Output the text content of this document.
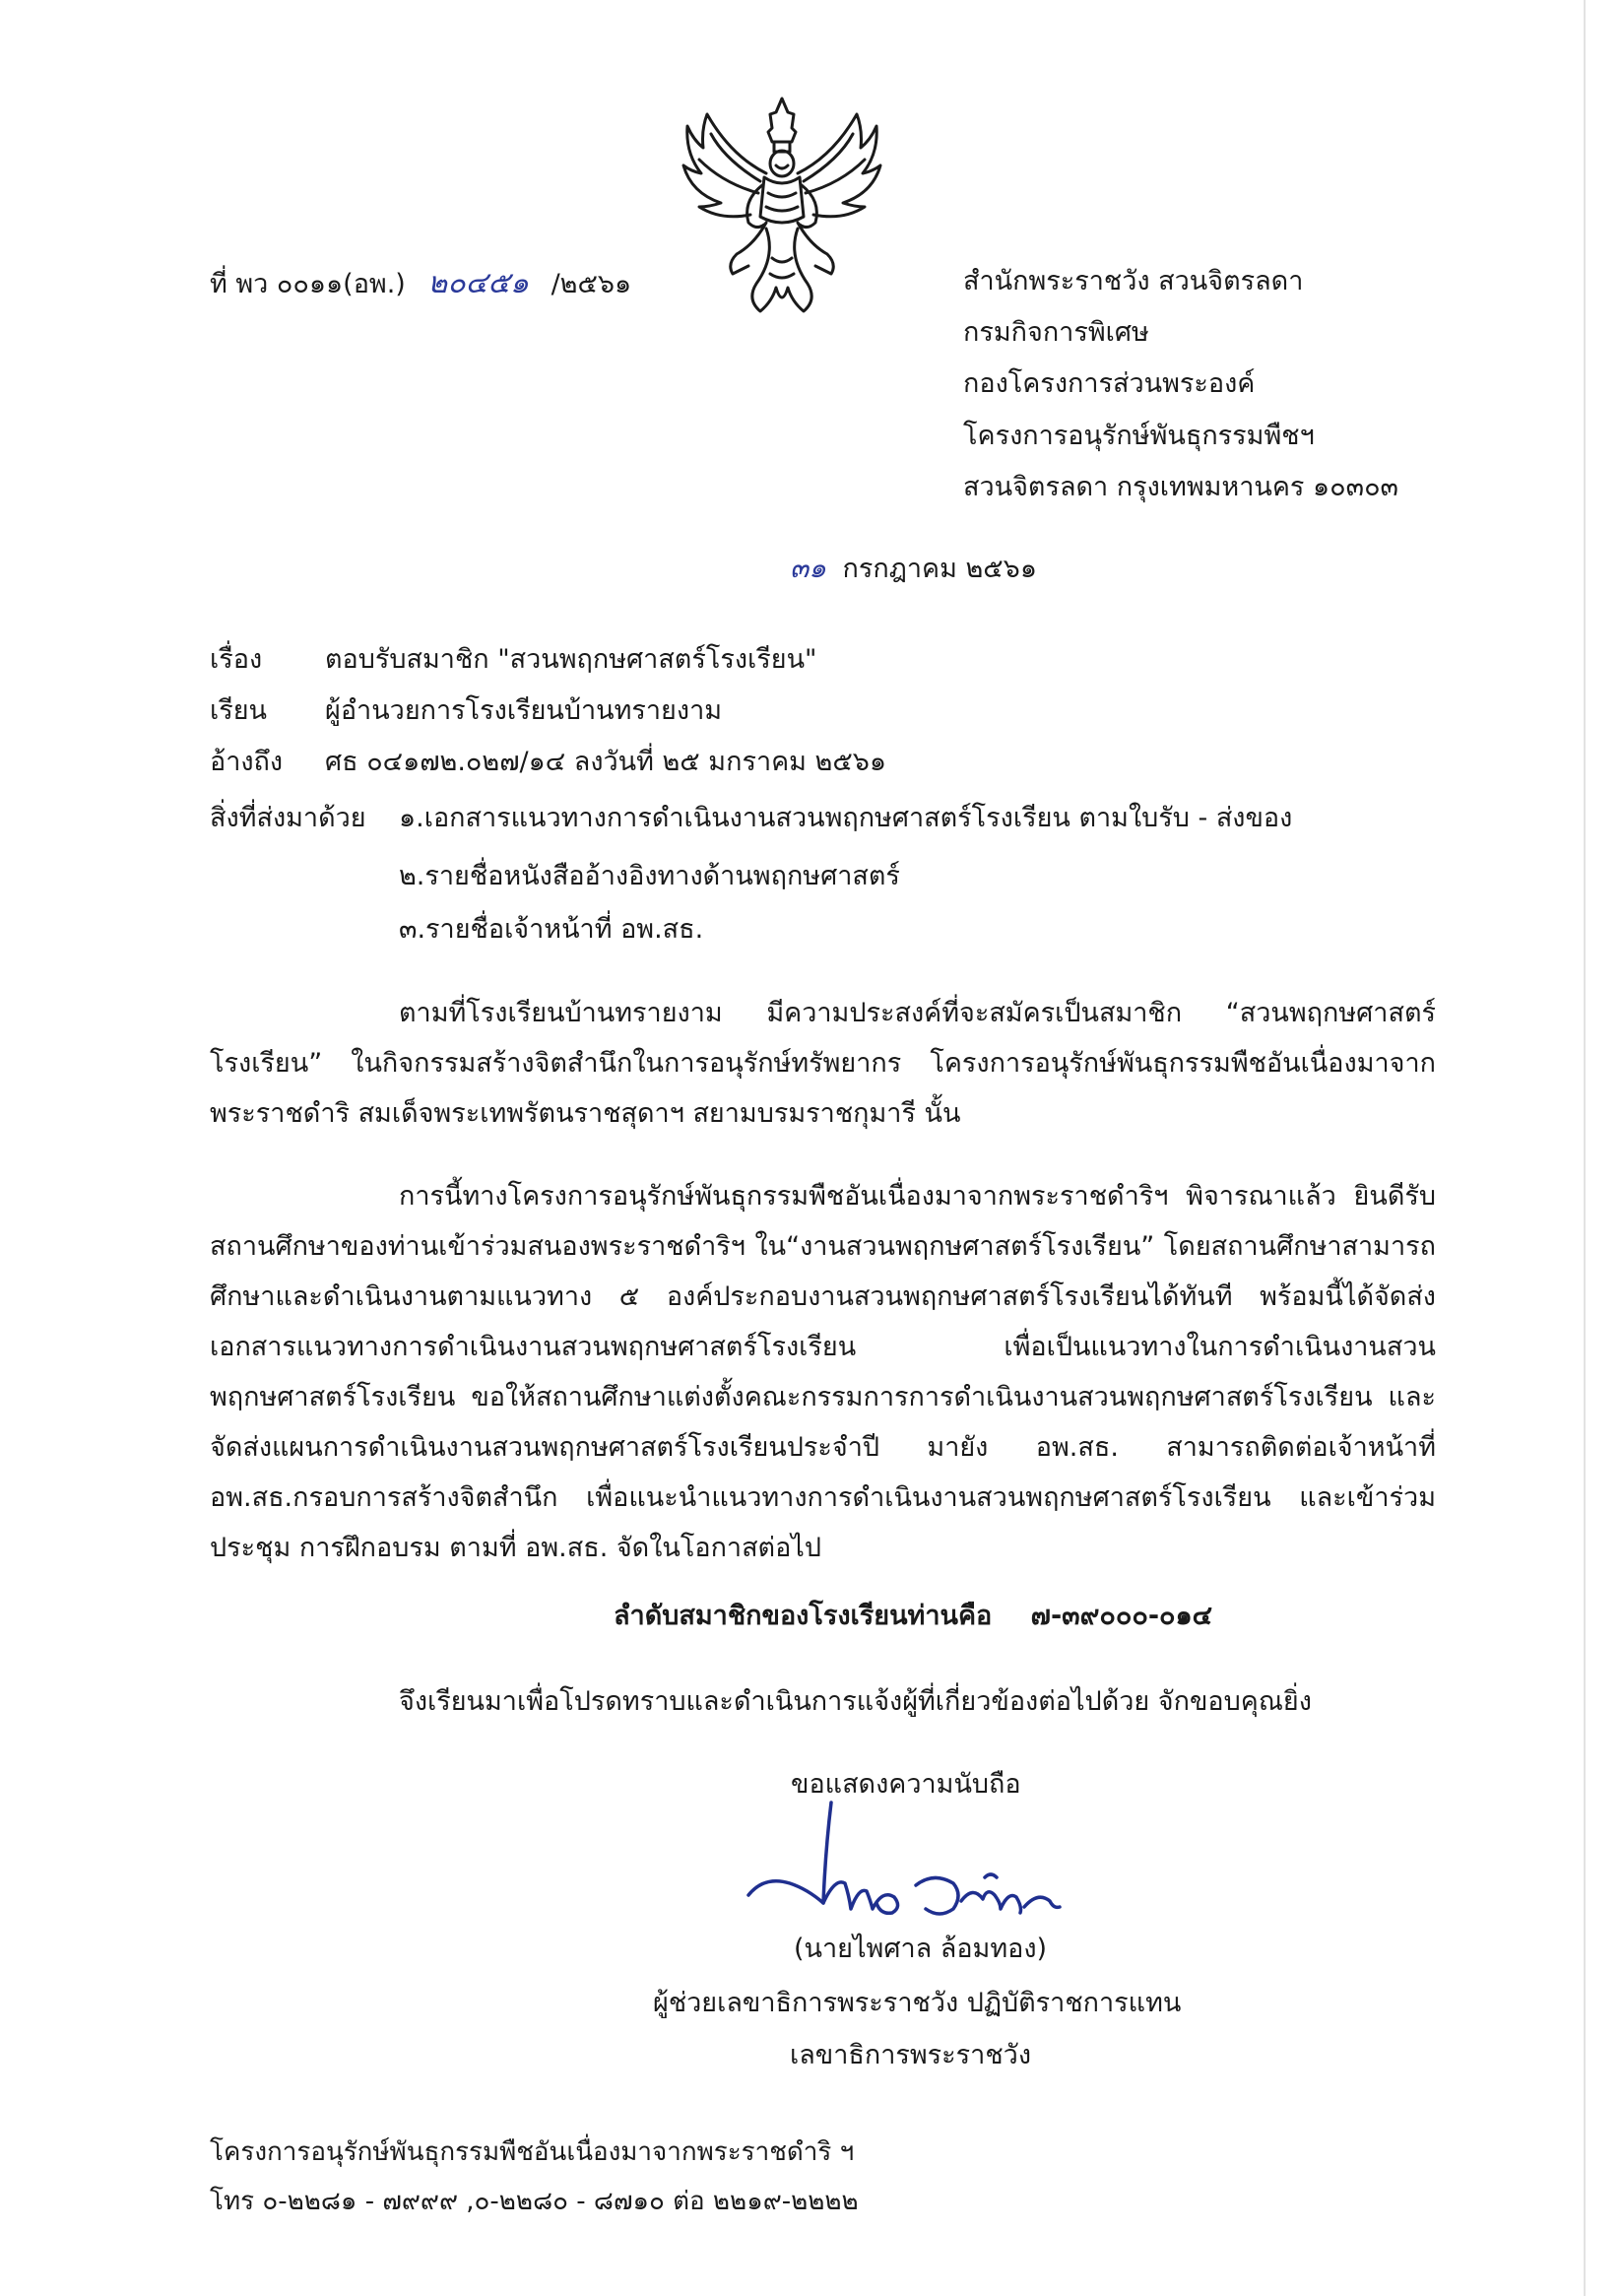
ที่ พว ๐๐๑๑(อพ.) ๒๐๔๕๑ /๒๕๖๑	สำนักพระราชวัง สวนจิตรลดา
กรมกิจการพิเศษ
กองโครงการส่วนพระองค์
โครงการอนุรักษ์พันธุกรรมพืชฯ
สวนจิตรลดา กรุงเทพมหานคร ๑๐๓๐๓
๓๑ กรกฎาคม ๒๕๖๑
เรื่อง ตอบรับสมาชิก "สวนพฤกษศาสตร์โรงเรียน"
เรียน ผู้อำนวยการโรงเรียนบ้านทรายงาม
อ้างถึง ศธ ๐๔๑๗๒.๐๒๗/๑๔ ลงวันที่ ๒๕ มกราคม ๒๕๖๑
สิ่งที่ส่งมาด้วย ๑.เอกสารแนวทางการดำเนินงานสวนพฤกษศาสตร์โรงเรียน ตามใบรับ - ส่งของ
๒.รายชื่อหนังสืออ้างอิงทางด้านพฤกษศาสตร์
๓.รายชื่อเจ้าหน้าที่ อพ.สธ.
ตามที่โรงเรียนบ้านทรายงาม มีความประสงค์ที่จะสมัครเป็นสมาชิก “สวนพฤกษศาสตร์โรงเรียน” ในกิจกรรมสร้างจิตสำนึกในการอนุรักษ์ทรัพยากร โครงการอนุรักษ์พันธุกรรมพืชอันเนื่องมาจากพระราชดำริ สมเด็จพระเทพรัตนราชสุดาฯ สยามบรมราชกุมารี นั้น
การนี้ทางโครงการอนุรักษ์พันธุกรรมพืชอันเนื่องมาจากพระราชดำริฯ พิจารณาแล้ว ยินดีรับสถานศึกษาของท่านเข้าร่วมสนองพระราชดำริฯ ใน“งานสวนพฤกษศาสตร์โรงเรียน” โดยสถานศึกษาสามารถศึกษาและดำเนินงานตามแนวทาง ๕ องค์ประกอบงานสวนพฤกษศาสตร์โรงเรียนได้ทันที พร้อมนี้ได้จัดส่งเอกสารแนวทางการดำเนินงานสวนพฤกษศาสตร์โรงเรียน เพื่อเป็นแนวทางในการดำเนินงานสวนพฤกษศาสตร์โรงเรียน ขอให้สถานศึกษาแต่งตั้งคณะกรรมการการดำเนินงานสวนพฤกษศาสตร์โรงเรียน และจัดส่งแผนการดำเนินงานสวนพฤกษศาสตร์โรงเรียนประจำปี มายัง อพ.สธ. สามารถติดต่อเจ้าหน้าที่ อพ.สธ.กรอบการสร้างจิตสำนึก เพื่อแนะนำแนวทางการดำเนินงานสวนพฤกษศาสตร์โรงเรียน และเข้าร่วมประชุม การฝึกอบรม ตามที่ อพ.สธ. จัดในโอกาสต่อไป
ลำดับสมาชิกของโรงเรียนท่านคือ ๗-๓๙๐๐๐-๐๑๔
จึงเรียนมาเพื่อโปรดทราบและดำเนินการแจ้งผู้ที่เกี่ยวข้องต่อไปด้วย จักขอบคุณยิ่ง
ขอแสดงความนับถือ
(นายไพศาล ล้อมทอง)
ผู้ช่วยเลขาธิการพระราชวัง ปฏิบัติราชการแทน
เลขาธิการพระราชวัง
โครงการอนุรักษ์พันธุกรรมพืชอันเนื่องมาจากพระราชดำริ ฯ
โทร ๐-๒๒๘๑ - ๗๙๙๙ ,๐-๒๒๘๐ - ๘๗๑๐ ต่อ ๒๒๑๙-๒๒๒๒
